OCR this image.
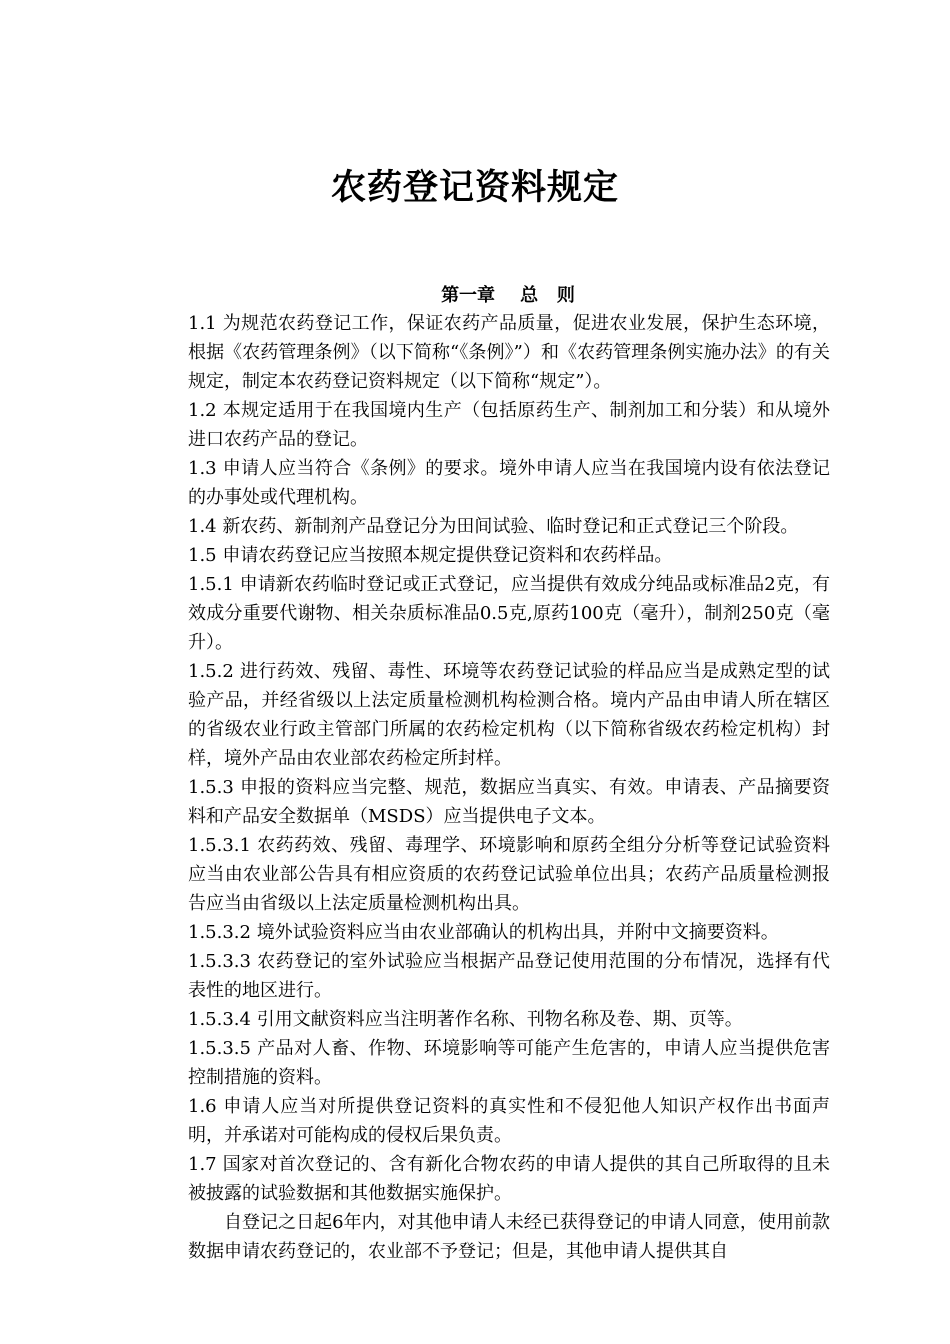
农药登记资料规定
第一章    总   则

1.1 为规范农药登记工作，保证农药产品质量，促进农业发展，保护生态环境，根据《农药管理条例》（以下简称“《条例》”）和《农药管理条例实施办法》的有关规定，制定本农药登记资料规定（以下简称“规定”）。

1.2 本规定适用于在我国境内生产（包括原药生产、制剂加工和分装）和从境外进口农药产品的登记。

1.3 申请人应当符合《条例》的要求。境外申请人应当在我国境内设有依法登记的办事处或代理机构。

1.4 新农药、新制剂产品登记分为田间试验、临时登记和正式登记三个阶段。

1.5 申请农药登记应当按照本规定提供登记资料和农药样品。

1.5.1 申请新农药临时登记或正式登记，应当提供有效成分纯品或标准品2克，有效成分重要代谢物、相关杂质标准品0.5克,原药100克（毫升），制剂250克（毫升）。

1.5.2 进行药效、残留、毒性、环境等农药登记试验的样品应当是成熟定型的试验产品，并经省级以上法定质量检测机构检测合格。境内产品由申请人所在辖区的省级农业行政主管部门所属的农药检定机构（以下简称省级农药检定机构）封样，境外产品由农业部农药检定所封样。

1.5.3 申报的资料应当完整、规范，数据应当真实、有效。申请表、产品摘要资料和产品安全数据单（MSDS）应当提供电子文本。

1.5.3.1 农药药效、残留、毒理学、环境影响和原药全组分分析等登记试验资料应当由农业部公告具有相应资质的农药登记试验单位出具；农药产品质量检测报告应当由省级以上法定质量检测机构出具。

1.5.3.2 境外试验资料应当由农业部确认的机构出具，并附中文摘要资料。

1.5.3.3 农药登记的室外试验应当根据产品登记使用范围的分布情况，选择有代表性的地区进行。

1.5.3.4 引用文献资料应当注明著作名称、刊物名称及卷、期、页等。

1.5.3.5 产品对人畜、作物、环境影响等可能产生危害的，申请人应当提供危害控制措施的资料。

1.6 申请人应当对所提供登记资料的真实性和不侵犯他人知识产权作出书面声明，并承诺对可能构成的侵权后果负责。

1.7 国家对首次登记的、含有新化合物农药的申请人提供的其自己所取得的且未被披露的试验数据和其他数据实施保护。

自登记之日起6年内，对其他申请人未经已获得登记的申请人同意，使用前款数据申请农药登记的，农业部不予登记；但是，其他申请人提供其自
